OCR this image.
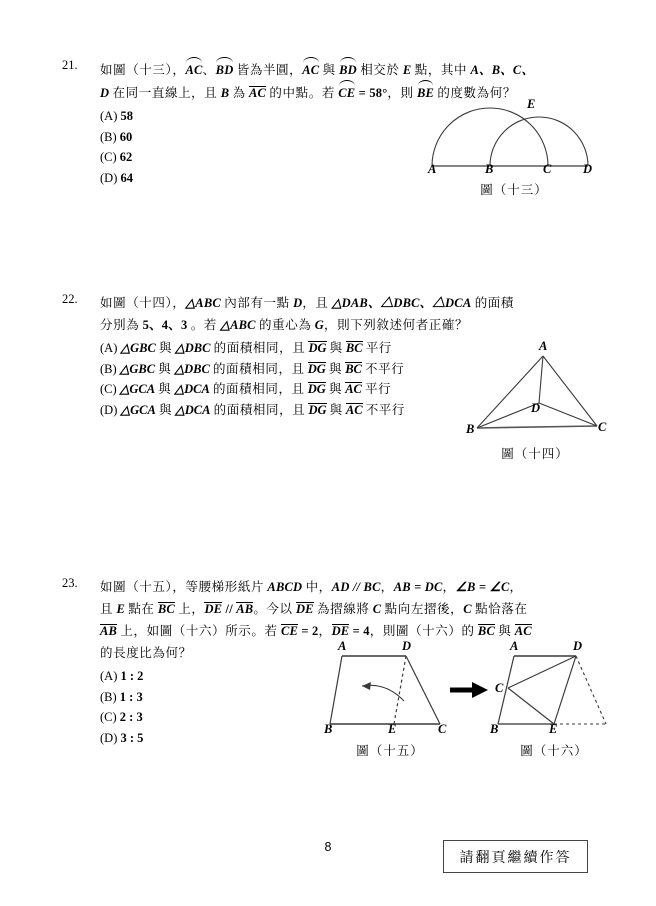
21.	如圖（十三），AC、BD 皆為半圓，AC 與 BD 相交於 E 點，其中 A、B、C、
D 在同一直線上，且 B 為 AC 的中點。若 CE = 58°，則 BE 的度數為何？
(A) 58
(B) 60
(C) 62
(D) 64
A	B	C	D
E
圖（十三）
22.	如圖（十四），△ABC 內部有一點 D，且 △DAB、△DBC、△DCA 的面積
分別為 5、4、3 。若 △ABC 的重心為 G，則下列敘述何者正確？
(A) △GBC 與 △DBC 的面積相同，且 DG 與 BC 平行
(B) △GBC 與 △DBC 的面積相同，且 DG 與 BC 不平行
(C) △GCA 與 △DCA 的面積相同，且 DG 與 AC 平行
(D) △GCA 與 △DCA 的面積相同，且 DG 與 AC 不平行
A
B	C
D
圖（十四）
23.	如圖（十五），等腰梯形紙片 ABCD 中，AD // BC，AB = DC，∠B = ∠C，
且 E 點在 BC 上，DE // AB。今以 DE 為摺線將 C 點向左摺後，C 點恰落在
AB 上，如圖（十六）所示。若 CE = 2，DE = 4，則圖（十六）的 BC 與 AC
的長度比為何？
(A) 1 : 2
(B) 1 : 3
(C) 2 : 3
(D) 3 : 5
A	D
B	E	C
圖（十五）
A	D
C
B	E
圖（十六）
8
請翻頁繼續作答
